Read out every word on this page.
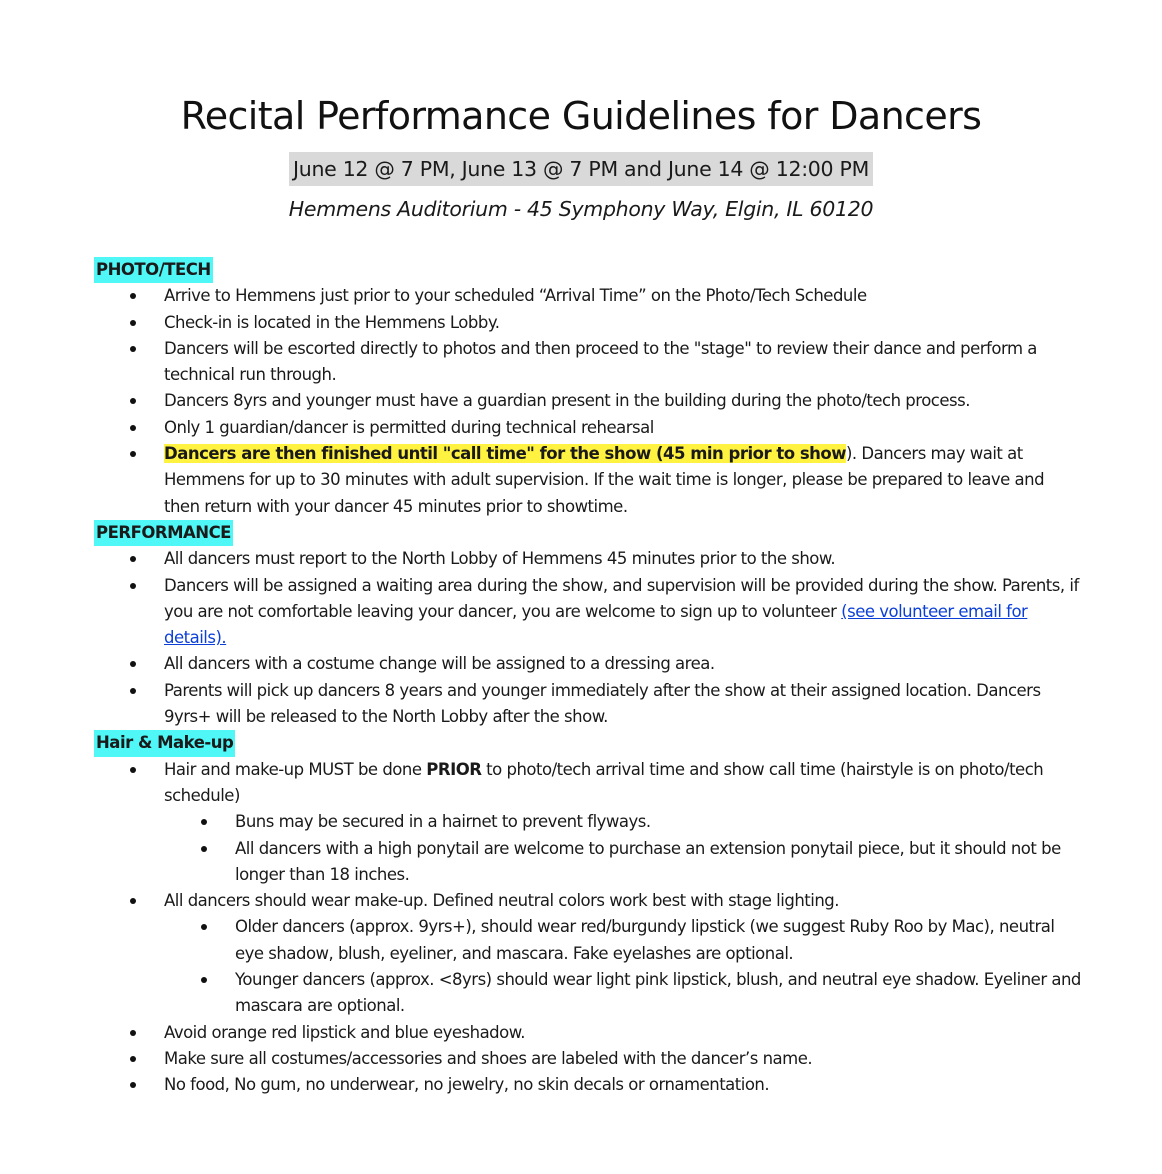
Recital Performance Guidelines for Dancers
June 12 @ 7 PM, June 13 @ 7 PM and June 14 @ 12:00 PM
Hemmens Auditorium - 45 Symphony Way, Elgin, IL 60120
PHOTO/TECH
Arrive to Hemmens just prior to your scheduled “Arrival Time” on the Photo/Tech Schedule
Check-in is located in the Hemmens Lobby.
Dancers will be escorted directly to photos and then proceed to the "stage" to review their dance and perform a technical run through.
Dancers 8yrs and younger must have a guardian present in the building during the photo/tech process.
Only 1 guardian/dancer is permitted during technical rehearsal
Dancers are then finished until "call time" for the show (45 min prior to show). Dancers may wait at Hemmens for up to 30 minutes with adult supervision. If the wait time is longer, please be prepared to leave and then return with your dancer 45 minutes prior to showtime.
PERFORMANCE
All dancers must report to the North Lobby of Hemmens 45 minutes prior to the show.
Dancers will be assigned a waiting area during the show, and supervision will be provided during the show. Parents, if you are not comfortable leaving your dancer, you are welcome to sign up to volunteer (see volunteer email for details).
All dancers with a costume change will be assigned to a dressing area.
Parents will pick up dancers 8 years and younger immediately after the show at their assigned location. Dancers 9yrs+ will be released to the North Lobby after the show.
Hair & Make-up
Hair and make-up MUST be done PRIOR to photo/tech arrival time and show call time (hairstyle is on photo/tech schedule)
Buns may be secured in a hairnet to prevent flyways.
All dancers with a high ponytail are welcome to purchase an extension ponytail piece, but it should not be longer than 18 inches.
All dancers should wear make-up. Defined neutral colors work best with stage lighting.
Older dancers (approx. 9yrs+), should wear red/burgundy lipstick (we suggest Ruby Roo by Mac), neutral eye shadow, blush, eyeliner, and mascara. Fake eyelashes are optional.
Younger dancers (approx. <8yrs) should wear light pink lipstick, blush, and neutral eye shadow. Eyeliner and mascara are optional.
Avoid orange red lipstick and blue eyeshadow.
Make sure all costumes/accessories and shoes are labeled with the dancer’s name.
No food, No gum, no underwear, no jewelry, no skin decals or ornamentation.
